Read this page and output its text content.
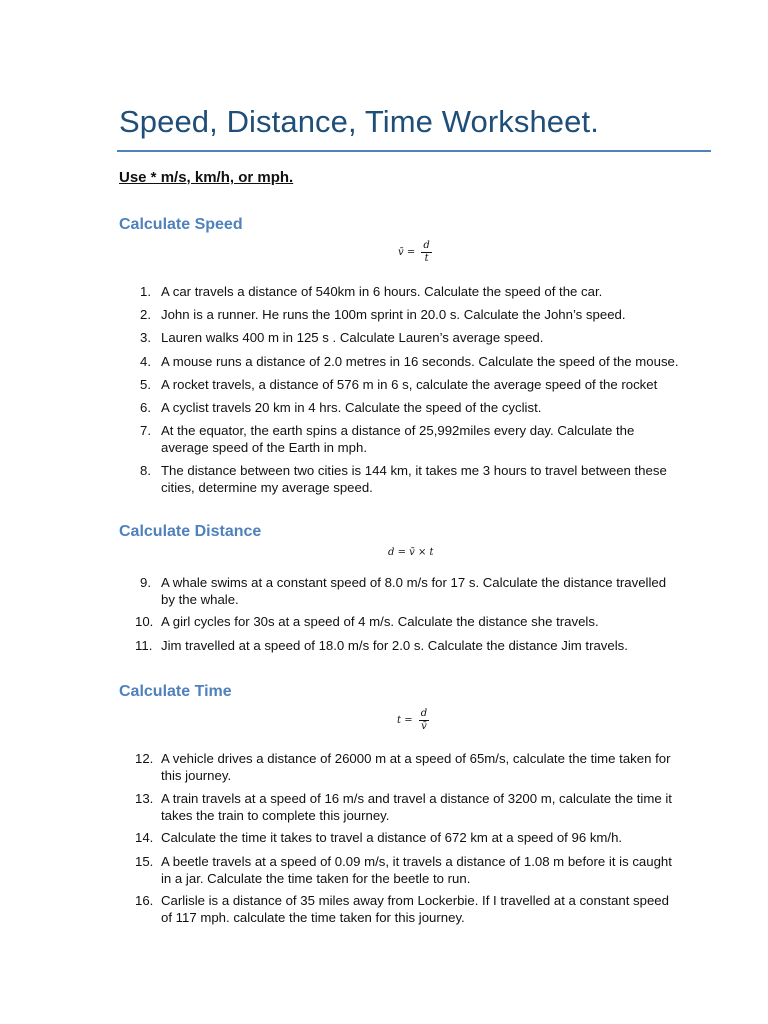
Speed, Distance, Time Worksheet.
Use * m/s, km/h, or mph.
Calculate Speed
v̄ = $\frac{d}{t}$
Calculate Distance
d = v̄ × t
Calculate Time
$t = \frac{d}{v̄}$
1. A car travels a distance of 540km in 6 hours. Calculate the speed of the car.
2. John is a runner. He runs the 100m sprint in 20.0 s. Calculate the John’s speed.
3. Lauren walks 400 m in 125 s . Calculate Lauren’s average speed.
4. A mouse runs a distance of 2.0 metres in 16 seconds. Calculate the speed of the mouse.
5. A rocket travels, a distance of 576 m in 6 s, calculate the average speed of the rocket
6. A cyclist travels 20 km in 4 hrs. Calculate the speed of the cyclist.
7. At the equator, the earth spins a distance of 25,992miles every day. Calculate the
average speed of the Earth in mph.
8. The distance between two cities is 144 km, it takes me 3 hours to travel between these
cities, determine my average speed.
9. A whale swims at a constant speed of 8.0 m/s for 17 s. Calculate the distance travelled
by the whale.
10. A girl cycles for 30s at a speed of 4 m/s. Calculate the distance she travels.
11. Jim travelled at a speed of 18.0 m/s for 2.0 s. Calculate the distance Jim travels.
12. A vehicle drives a distance of 26000 m at a speed of 65m/s, calculate the time taken for
this journey.
13. A train travels at a speed of 16 m/s and travel a distance of 3200 m, calculate the time it
takes the train to complete this journey.
14. Calculate the time it takes to travel a distance of 672 km at a speed of 96 km/h.
15. A beetle travels at a speed of 0.09 m/s, it travels a distance of 1.08 m before it is caught
in a jar. Calculate the time taken for the beetle to run.
16. Carlisle is a distance of 35 miles away from Lockerbie. If I travelled at a constant speed
of 117 mph. calculate the time taken for this journey.
